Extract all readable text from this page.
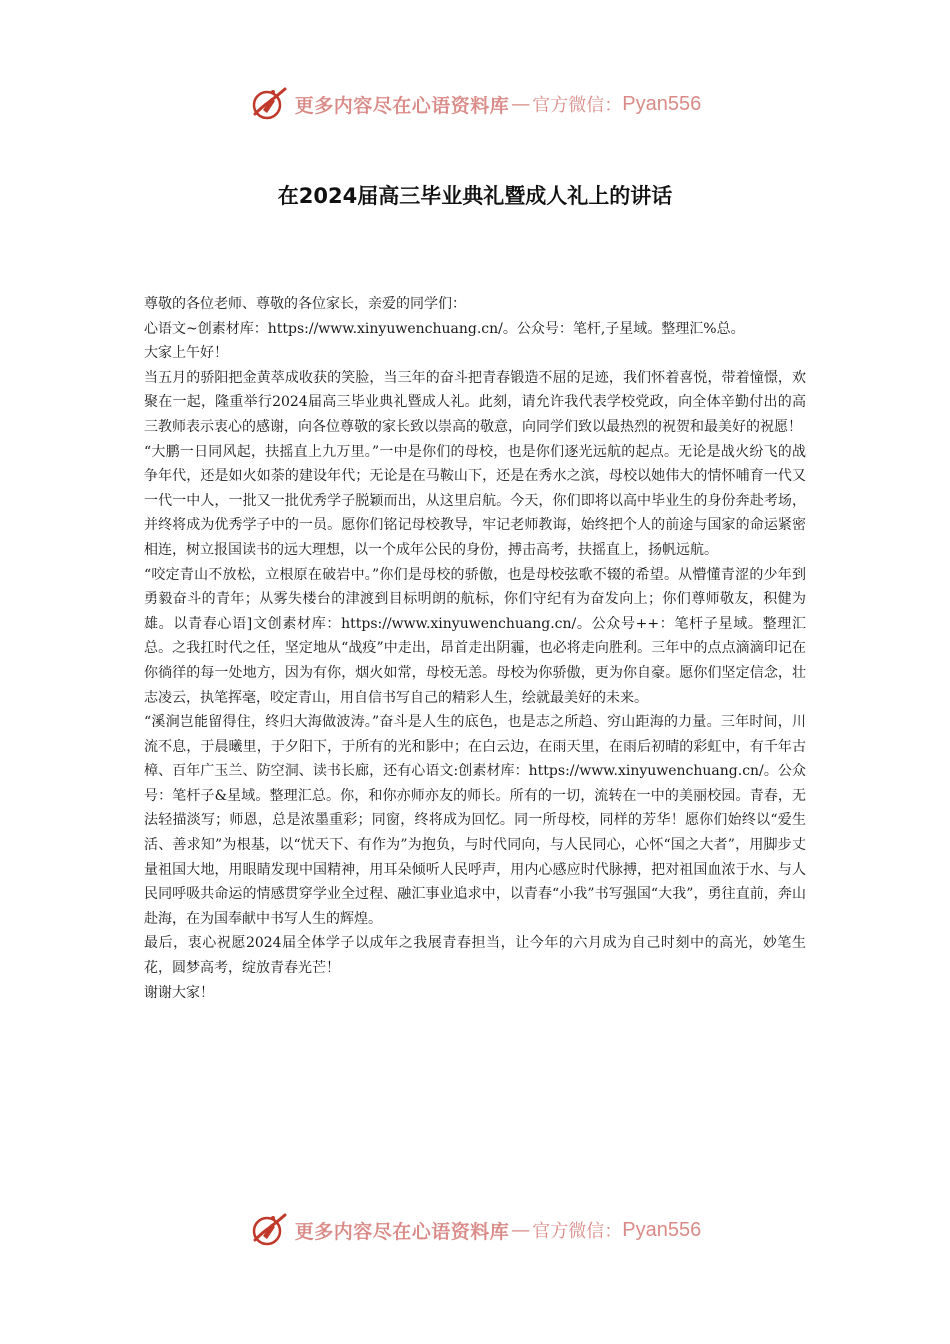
更多内容尽在心语资料库 — 官方微信： Pyan556
在2024届高三毕业典礼暨成人礼上的讲话

尊敬的各位老师、尊敬的各位家长，亲爱的同学们：

心语文~创素材库：https://www.xinyuwenchuang.cn/。公众号：笔杆,子星域。整理汇%总。

大家上午好！

当五月的骄阳把金黄萃成收获的笑脸，当三年的奋斗把青春锻造不屈的足迹，我们怀着喜悦，带着憧憬，欢聚在一起，隆重举行2024届高三毕业典礼暨成人礼。此刻，请允许我代表学校党政，向全体辛勤付出的高三教师表示衷心的感谢，向各位尊敬的家长致以崇高的敬意，向同学们致以最热烈的祝贺和最美好的祝愿！

“大鹏一日同风起，扶摇直上九万里。”一中是你们的母校，也是你们逐光远航的起点。无论是战火纷飞的战争年代，还是如火如荼的建设年代；无论是在马鞍山下，还是在秀水之滨，母校以她伟大的情怀哺育一代又一代一中人，一批又一批优秀学子脱颖而出，从这里启航。今天，你们即将以高中毕业生的身份奔赴考场，并终将成为优秀学子中的一员。愿你们铭记母校教导，牢记老师教诲，始终把个人的前途与国家的命运紧密相连，树立报国读书的远大理想，以一个成年公民的身份，搏击高考，扶摇直上，扬帆远航。

“咬定青山不放松，立根原在破岩中。”你们是母校的骄傲，也是母校弦歌不辍的希望。从懵懂青涩的少年到勇毅奋斗的青年；从雾失楼台的津渡到目标明朗的航标，你们守纪有为奋发向上；你们尊师敬友，积健为雄。以青春心语]文创素材库：https://www.xinyuwenchuang.cn/。公众号++：笔杆子星域。整理汇总。之我扛时代之任，坚定地从“战疫”中走出，昂首走出阴霾，也必将走向胜利。三年中的点点滴滴印记在你徜徉的每一处地方，因为有你，烟火如常，母校无恙。母校为你骄傲，更为你自豪。愿你们坚定信念，壮志凌云，执笔挥毫，咬定青山，用自信书写自己的精彩人生，绘就最美好的未来。

“溪涧岂能留得住，终归大海做波涛。”奋斗是人生的底色，也是志之所趋、穷山距海的力量。三年时间，川流不息，于晨曦里，于夕阳下，于所有的光和影中；在白云边，在雨天里，在雨后初晴的彩虹中，有千年古樟、百年广玉兰、防空洞、读书长廊，还有心语文:创素材库：https://www.xinyuwenchuang.cn/。公众号：笔杆子&星域。整理汇总。你，和你亦师亦友的师长。所有的一切，流转在一中的美丽校园。青春，无法轻描淡写；师恩，总是浓墨重彩；同窗，终将成为回忆。同一所母校，同样的芳华！愿你们始终以“爱生活、善求知”为根基，以“忧天下、有作为”为抱负，与时代同向，与人民同心，心怀“国之大者”，用脚步丈量祖国大地，用眼睛发现中国精神，用耳朵倾听人民呼声，用内心感应时代脉搏，把对祖国血浓于水、与人民同呼吸共命运的情感贯穿学业全过程、融汇事业追求中，以青春“小我”书写强国“大我”，勇往直前，奔山赴海，在为国奉献中书写人生的辉煌。

最后，衷心祝愿2024届全体学子以成年之我展青春担当，让今年的六月成为自己时刻中的高光，妙笔生花，圆梦高考，绽放青春光芒！

谢谢大家！

更多内容尽在心语资料库 — 官方微信： Pyan556
